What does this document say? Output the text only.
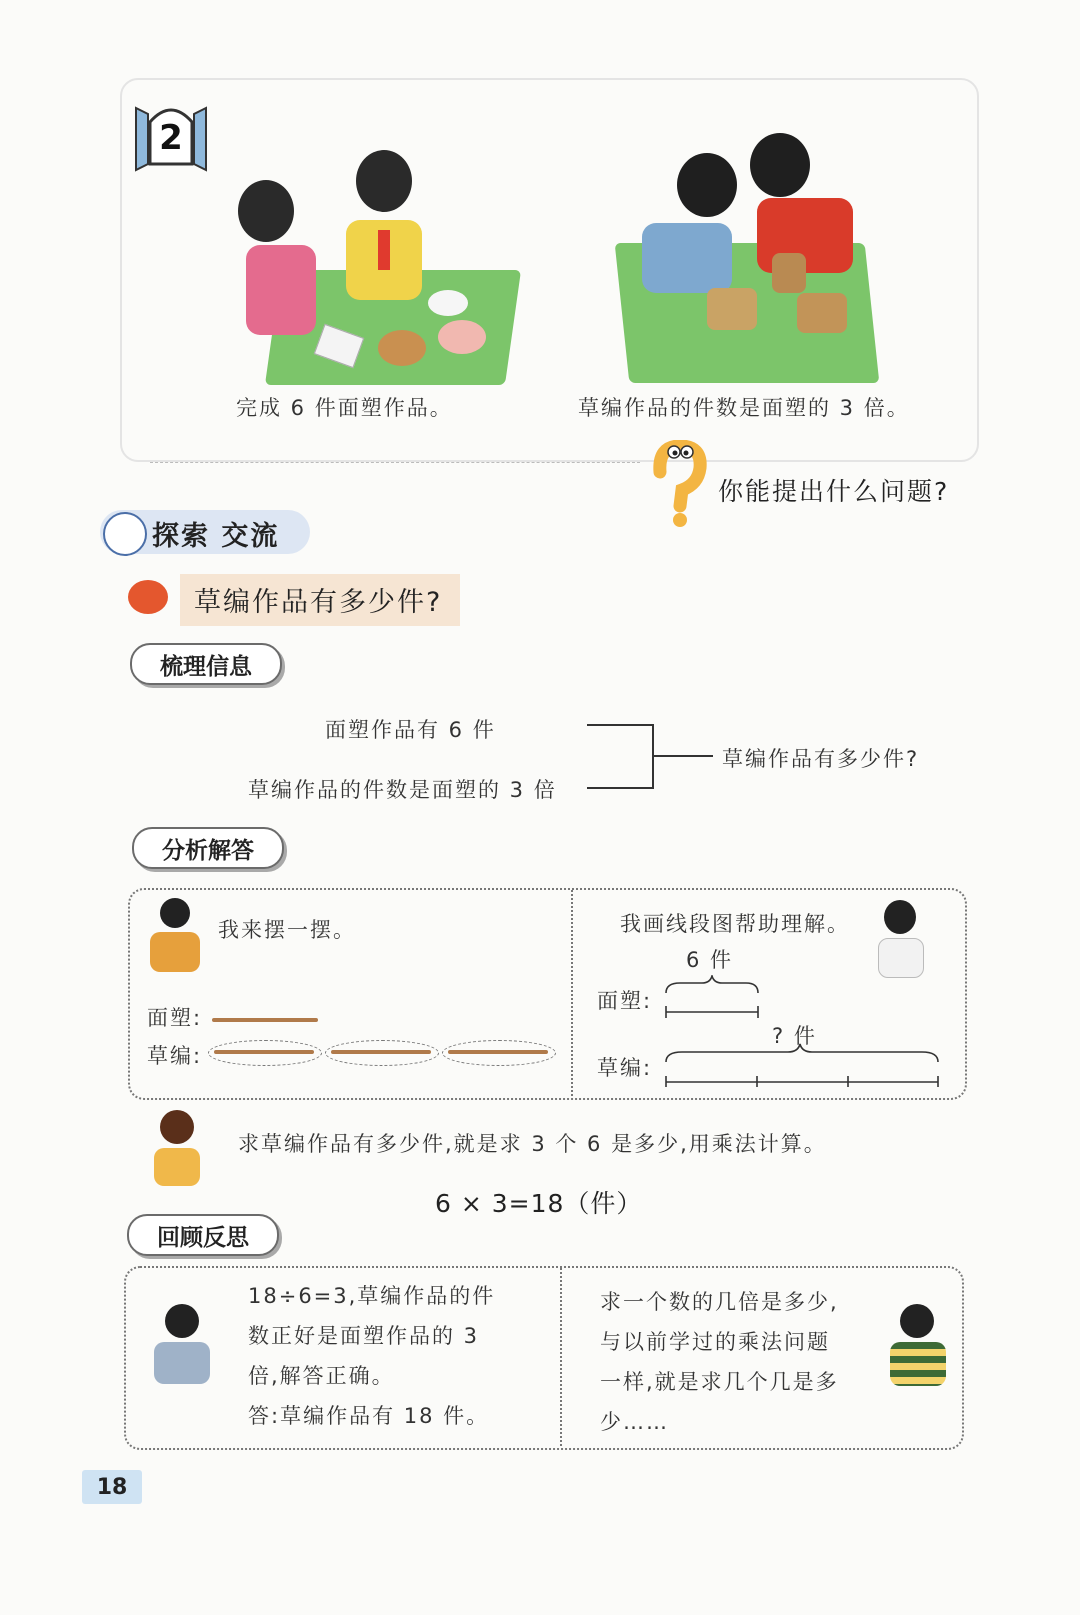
2
完成 6 件面塑作品。	草编作品的件数是面塑的 3 倍。
你能提出什么问题?
探索 交流
草编作品有多少件?
梳理信息
面塑作品有 6 件
草编作品的件数是面塑的 3 倍
草编作品有多少件?
分析解答
我来摆一摆。
面塑:
草编:
我画线段图帮助理解。
6 件
面塑:
? 件
草编:
求草编作品有多少件,就是求 3 个 6 是多少,用乘法计算。
6 × 3=18（件）
回顾反思
18÷6=3,草编作品的件
数正好是面塑作品的 3
倍,解答正确。
答:草编作品有 18 件。
求一个数的几倍是多少,
与以前学过的乘法问题
一样,就是求几个几是多
少……
18
